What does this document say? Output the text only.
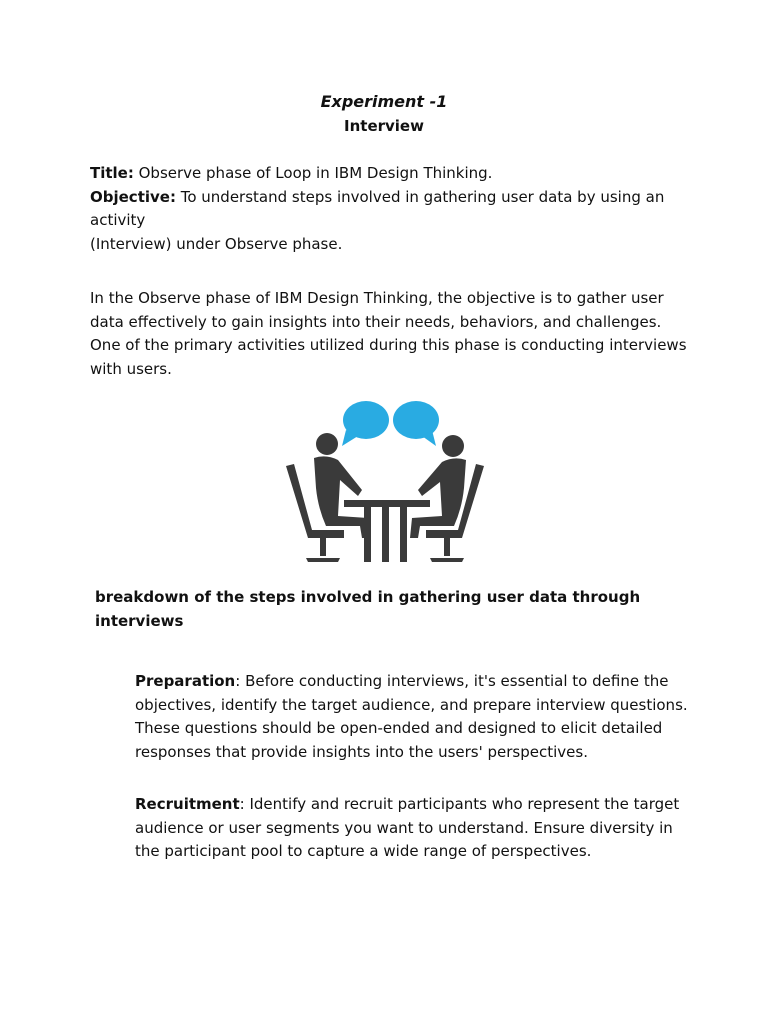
Experiment -1
Interview
Title: Observe phase of Loop in IBM Design Thinking.
Objective: To understand steps involved in gathering user data by using an activity
(Interview) under Observe phase.
In the Observe phase of IBM Design Thinking, the objective is to gather user data effectively to gain insights into their needs, behaviors, and challenges. One of the primary activities utilized during this phase is conducting interviews with users.
breakdown of the steps involved in gathering user data through interviews
Preparation: Before conducting interviews, it's essential to define the objectives, identify the target audience, and prepare interview questions. These questions should be open-ended and designed to elicit detailed responses that provide insights into the users' perspectives.
Recruitment: Identify and recruit participants who represent the target audience or user segments you want to understand. Ensure diversity in the participant pool to capture a wide range of perspectives.
